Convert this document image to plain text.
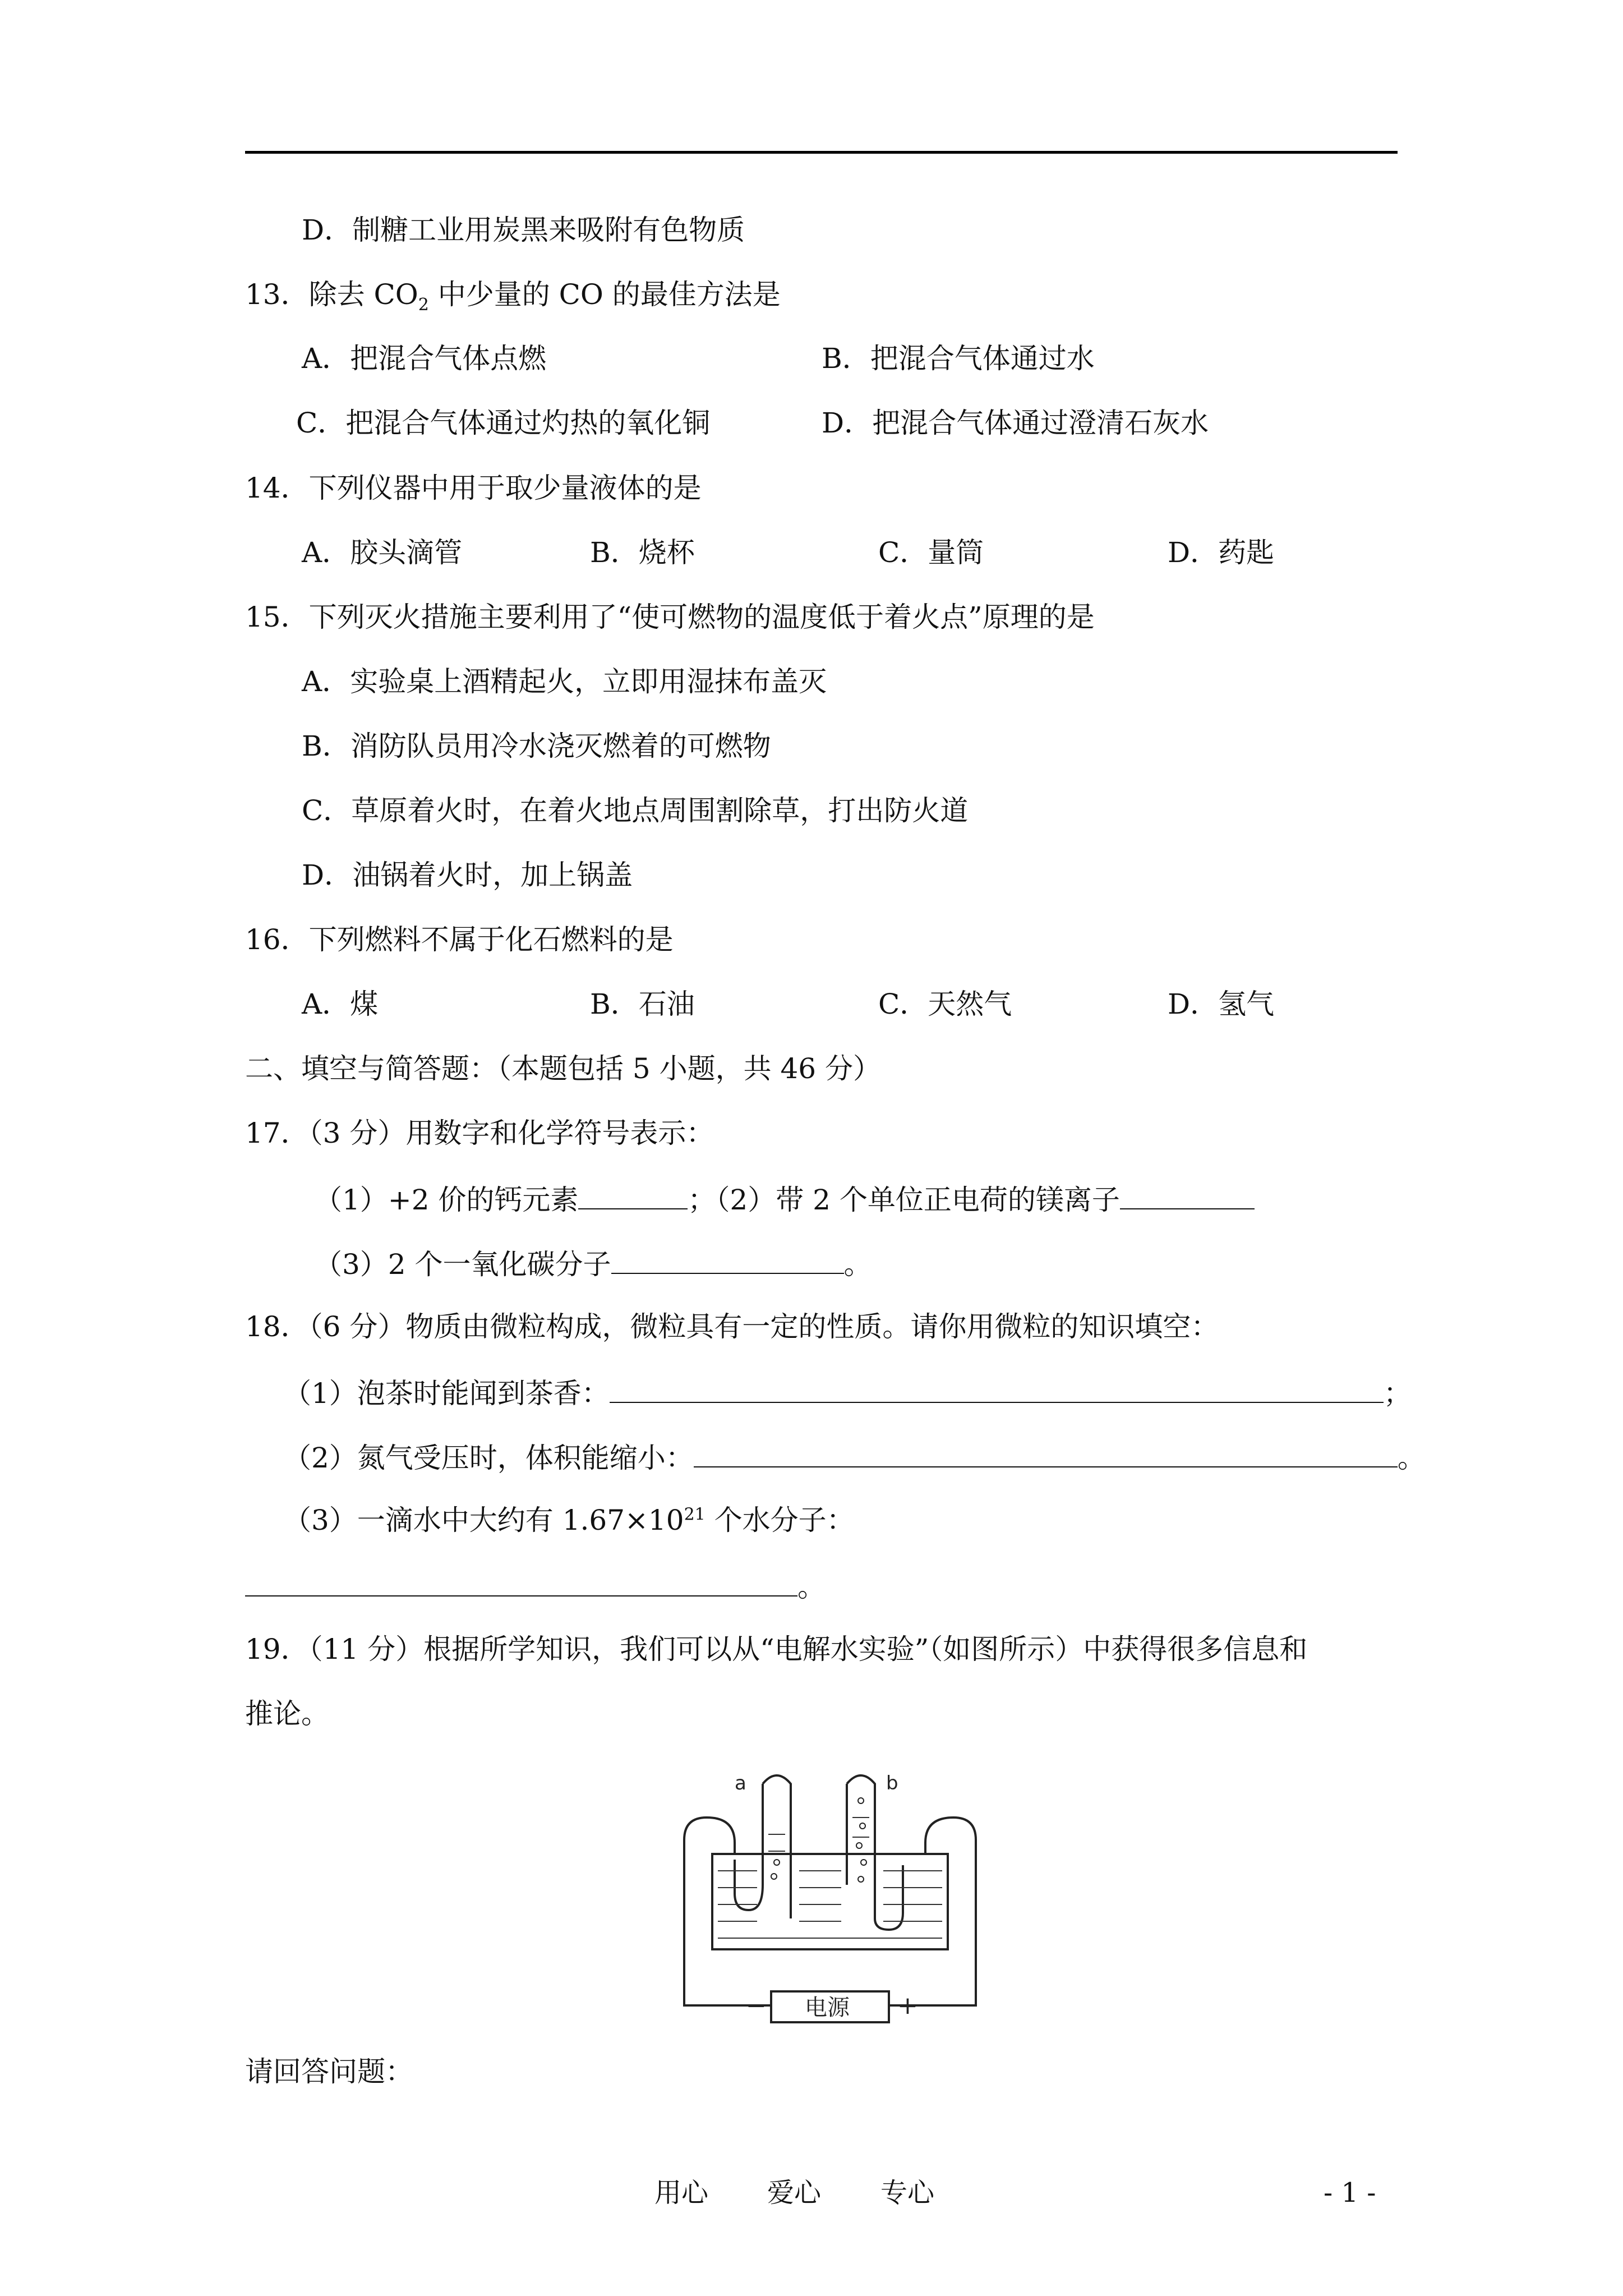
D．制糖工业用炭黑来吸附有色物质
13．除去 $CO_2$ 中少量的 CO 的最佳方法是
A．把混合气体点燃	B．把混合气体通过水
C．把混合气体通过灼热的氧化铜	D．把混合气体通过澄清石灰水
14．下列仪器中用于取少量液体的是
A．胶头滴管	B．烧杯	C．量筒	D．药匙
15．下列灭火措施主要利用了“使可燃物的温度低于着火点”原理的是
A．实验桌上酒精起火，立即用湿抹布盖灭
B．消防队员用冷水浇灭燃着的可燃物
C．草原着火时，在着火地点周围割除草，打出防火道
D．油锅着火时，加上锅盖
16．下列燃料不属于化石燃料的是
A．煤	B．石油	C．天然气	D．氢气
二、填空与简答题：（本题包括 5 小题，共 46 分）
17．（3 分）用数字和化学符号表示：
（1）+2 价的钙元素	；（2）带 2 个单位正电荷的镁离子
（3）2 个一氧化碳分子	。
18．（6 分）物质由微粒构成，微粒具有一定的性质。请你用微粒的知识填空：
（1）泡茶时能闻到茶香：	；
（2）氮气受压时，体积能缩小：	。
（3）一滴水中大约有 $1.67\times 10^{21}$ 个水分子：
。
19．（11 分）根据所学知识，我们可以从“电解水实验”（如图所示）中获得很多信息和
推论。
a	b
−	+
电源
请回答问题：
用心 爱心 专心	- 1 -
